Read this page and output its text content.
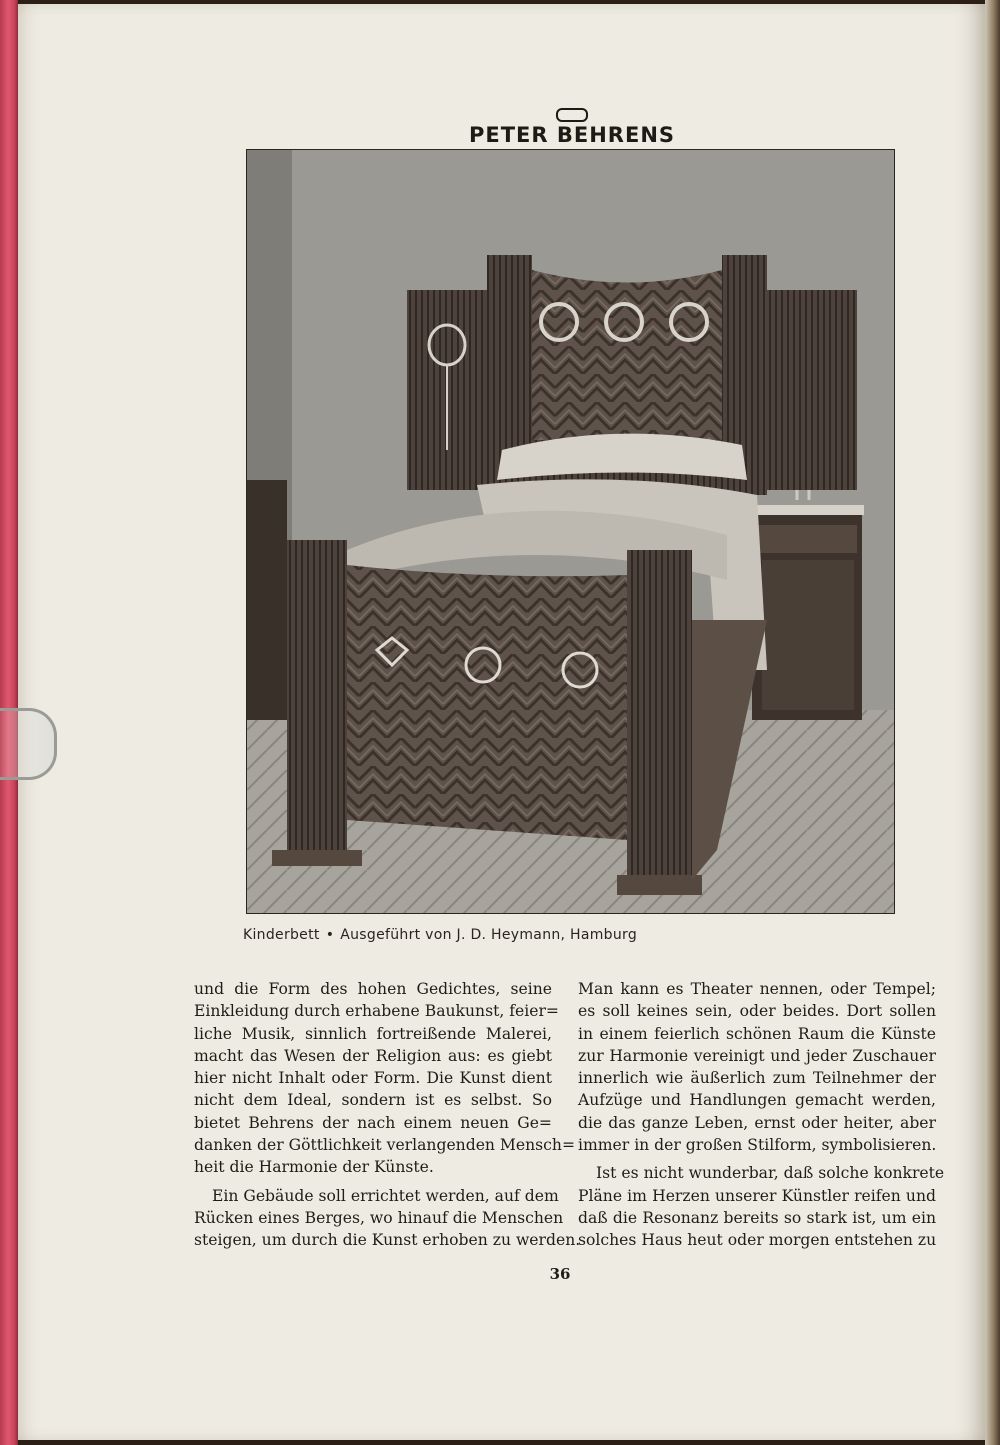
PETER BEHRENS
Kinderbett • Ausgeführt von J. D. Heymann, Hamburg

und die Form des hohen Gedichtes, seine
Einkleidung durch erhabene Baukunst, feier=
liche Musik, sinnlich fortreißende Malerei,
macht das Wesen der Religion aus: es giebt
hier nicht Inhalt oder Form. Die Kunst dient
nicht dem Ideal, sondern ist es selbst. So
bietet Behrens der nach einem neuen Ge=
danken der Göttlichkeit verlangenden Mensch=
heit die Harmonie der Künste.

Ein Gebäude soll errichtet werden, auf dem
Rücken eines Berges, wo hinauf die Menschen
steigen, um durch die Kunst erhoben zu werden.

Man kann es Theater nennen, oder Tempel;
es soll keines sein, oder beides. Dort sollen
in einem feierlich schönen Raum die Künste
zur Harmonie vereinigt und jeder Zuschauer
innerlich wie äußerlich zum Teilnehmer der
Aufzüge und Handlungen gemacht werden,
die das ganze Leben, ernst oder heiter, aber
immer in der großen Stilform, symbolisieren.

Ist es nicht wunderbar, daß solche konkrete
Pläne im Herzen unserer Künstler reifen und
daß die Resonanz bereits so stark ist, um ein
solches Haus heut oder morgen entstehen zu

36
